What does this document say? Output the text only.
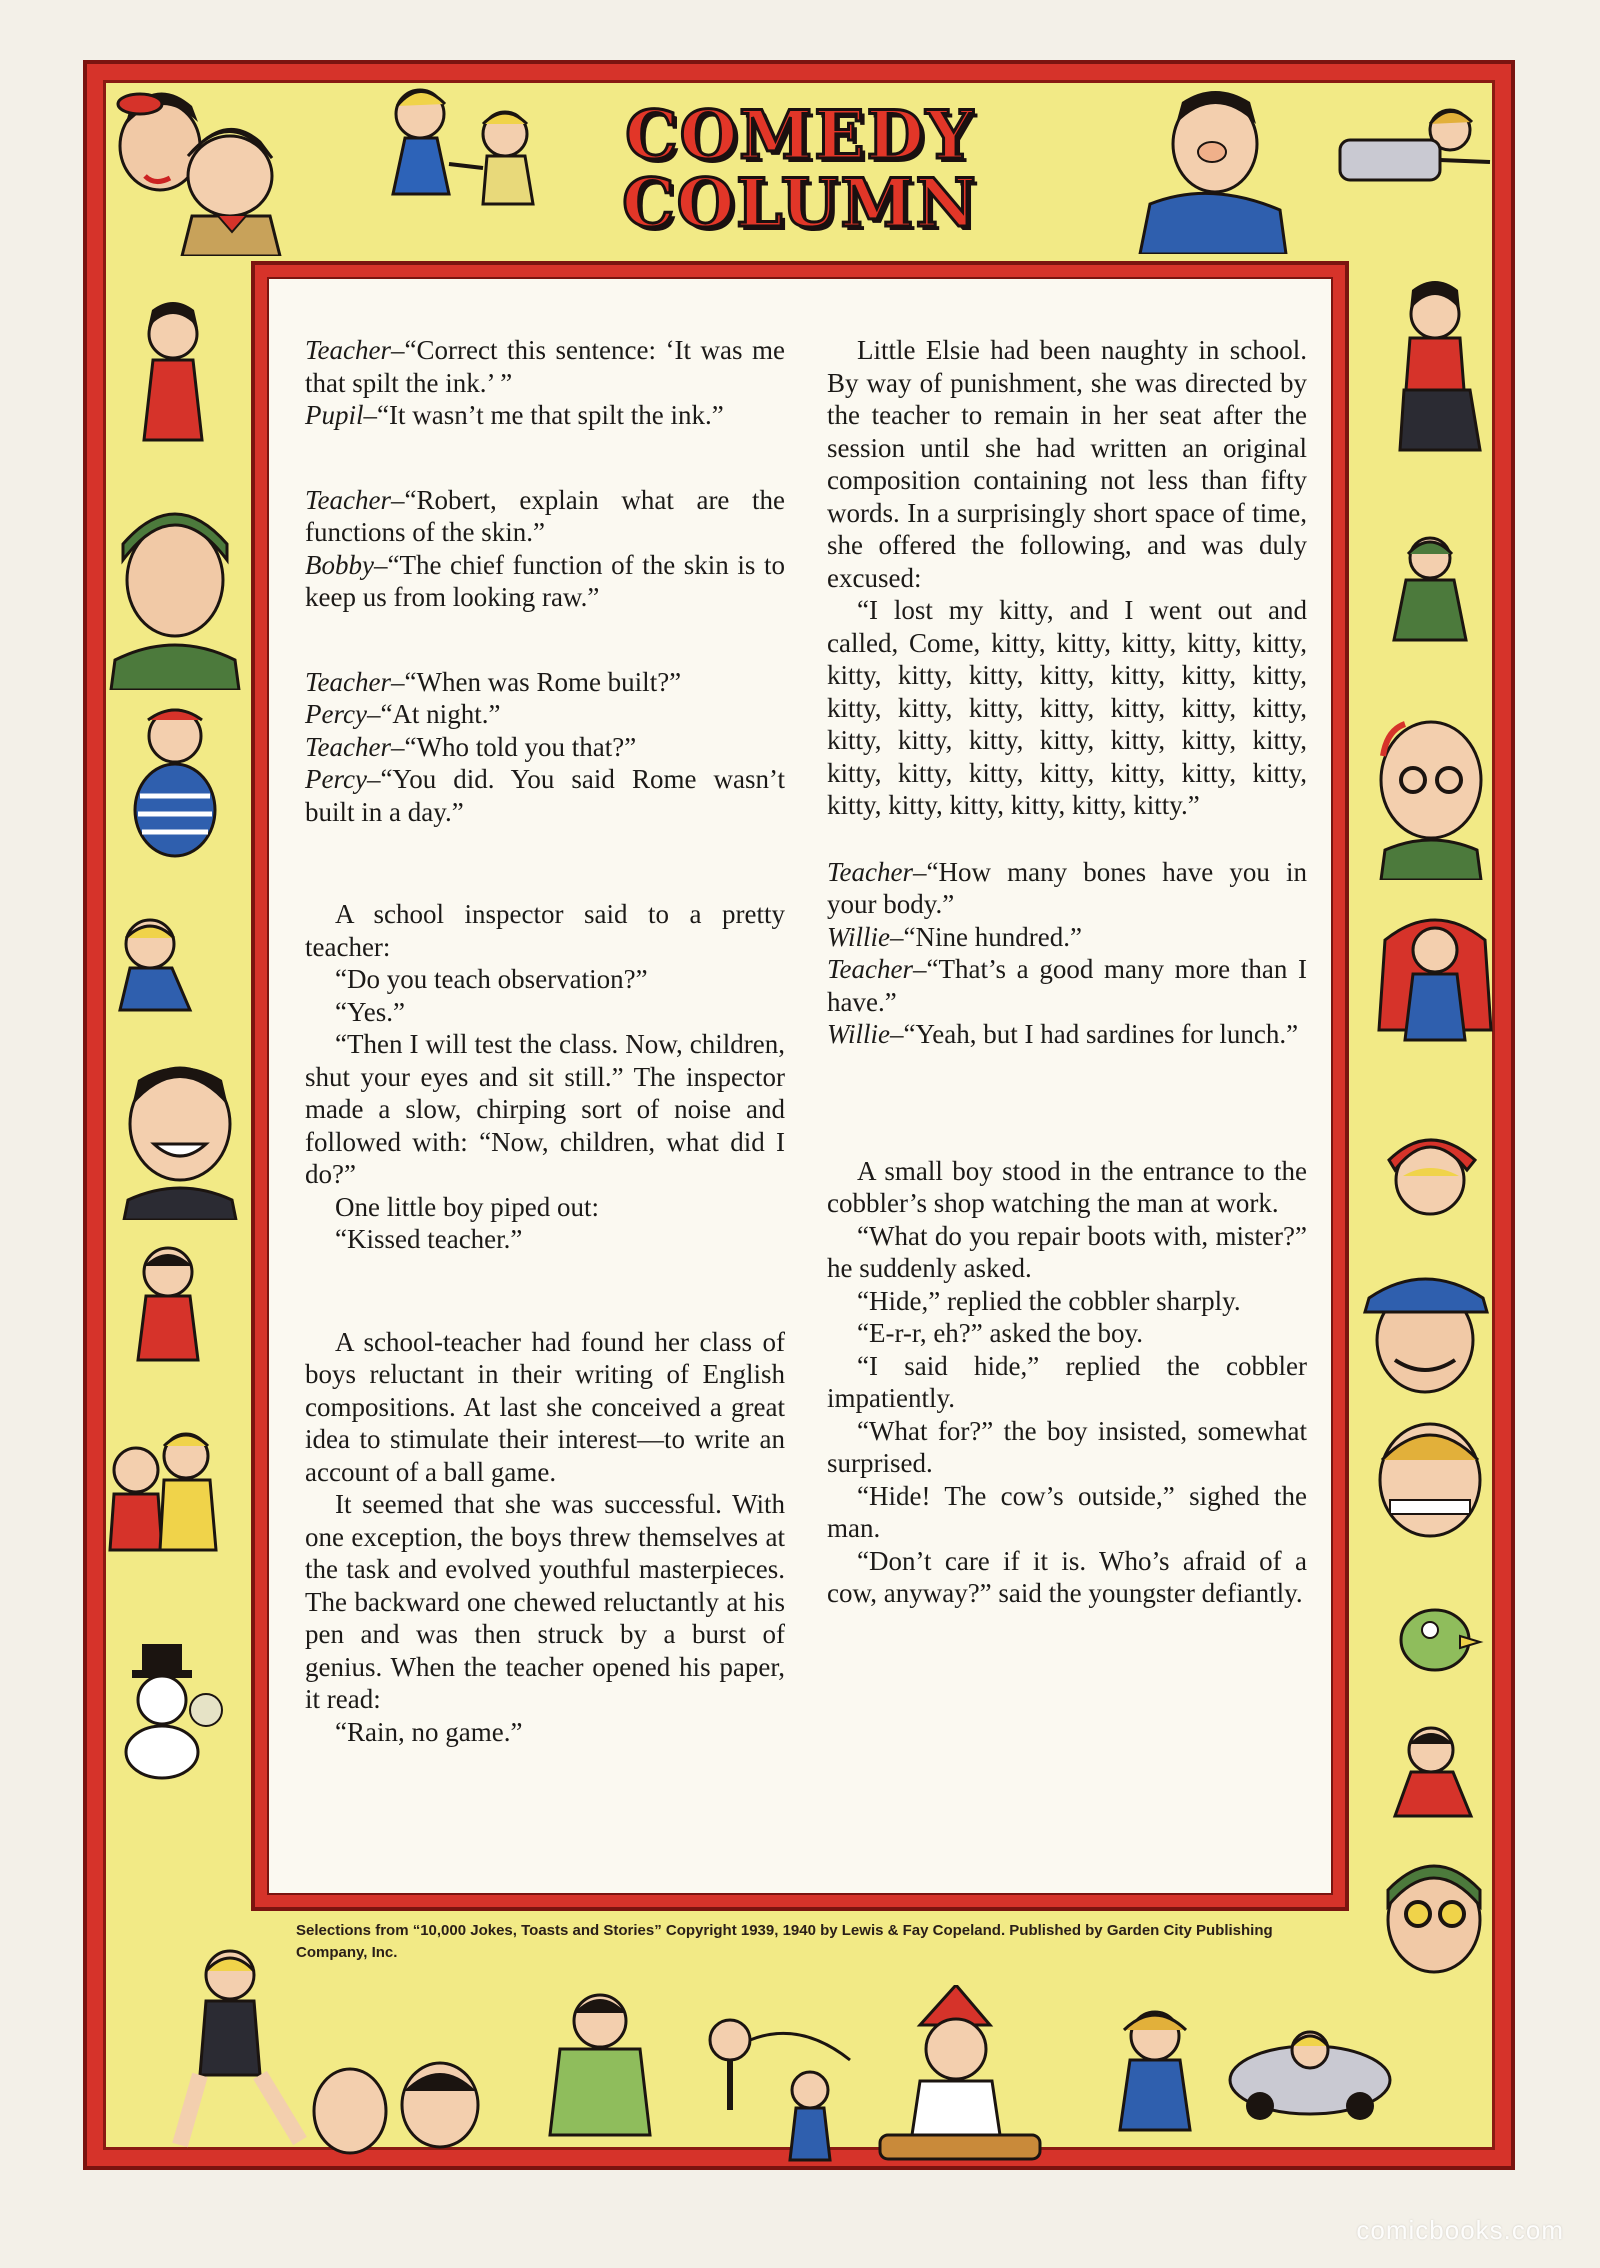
COMEDY
COLUMN

Teacher–“Correct this sentence: ‘It was me that spilt the ink.’ ”

Pupil–“It wasn’t me that spilt the ink.”

Teacher–“Robert, explain what are the functions of the skin.”

Bobby–“The chief function of the skin is to keep us from looking raw.”

Teacher–“When was Rome built?”

Percy–“At night.”

Teacher–“Who told you that?”

Percy–“You did. You said Rome wasn’t built in a day.”

A school inspector said to a pretty teacher:

“Do you teach observation?”

“Yes.”

“Then I will test the class. Now, children, shut your eyes and sit still.” The inspector made a slow, chirping sort of noise and followed with: “Now, children, what did I do?”

One little boy piped out:

“Kissed teacher.”

A school-teacher had found her class of boys reluctant in their writing of English compositions. At last she conceived a great idea to stimulate their interest—to write an account of a ball game.

It seemed that she was successful. With one exception, the boys threw themselves at the task and evolved youthful masterpieces. The backward one chewed reluctantly at his pen and was then struck by a burst of genius. When the teacher opened his paper, it read:

“Rain, no game.”

Little Elsie had been naughty in school. By way of punishment, she was directed by the teacher to remain in her seat after the session until she had written an original composition containing not less than fifty words. In a surprisingly short space of time, she offered the following, and was duly excused:

“I lost my kitty, and I went out and called, Come, kitty, kitty, kitty, kitty, kitty, kitty, kitty, kitty, kitty, kitty, kitty, kitty, kitty, kitty, kitty, kitty, kitty, kitty, kitty, kitty, kitty, kitty, kitty, kitty, kitty, kitty, kitty, kitty, kitty, kitty, kitty, kitty, kitty, kitty, kitty, kitty, kitty, kitty, kitty.”

Teacher–“How many bones have you in your body.”

Willie–“Nine hundred.”

Teacher–“That’s a good many more than I have.”

Willie–“Yeah, but I had sardines for lunch.”

A small boy stood in the entrance to the cobbler’s shop watching the man at work.

“What do you repair boots with, mister?” he suddenly asked.

“Hide,” replied the cobbler sharply.

“E-r-r, eh?” asked the boy.

“I said hide,” replied the cobbler impatiently.

“What for?” the boy insisted, somewhat surprised.

“Hide! The cow’s outside,” sighed the man.

“Don’t care if it is. Who’s afraid of a cow, anyway?” said the youngster defiantly.

Selections from “10,000 Jokes, Toasts and Stories” Copyright 1939, 1940 by Lewis & Fay Copeland. Published by Garden City Publishing Company, Inc.
comicbooks.com
